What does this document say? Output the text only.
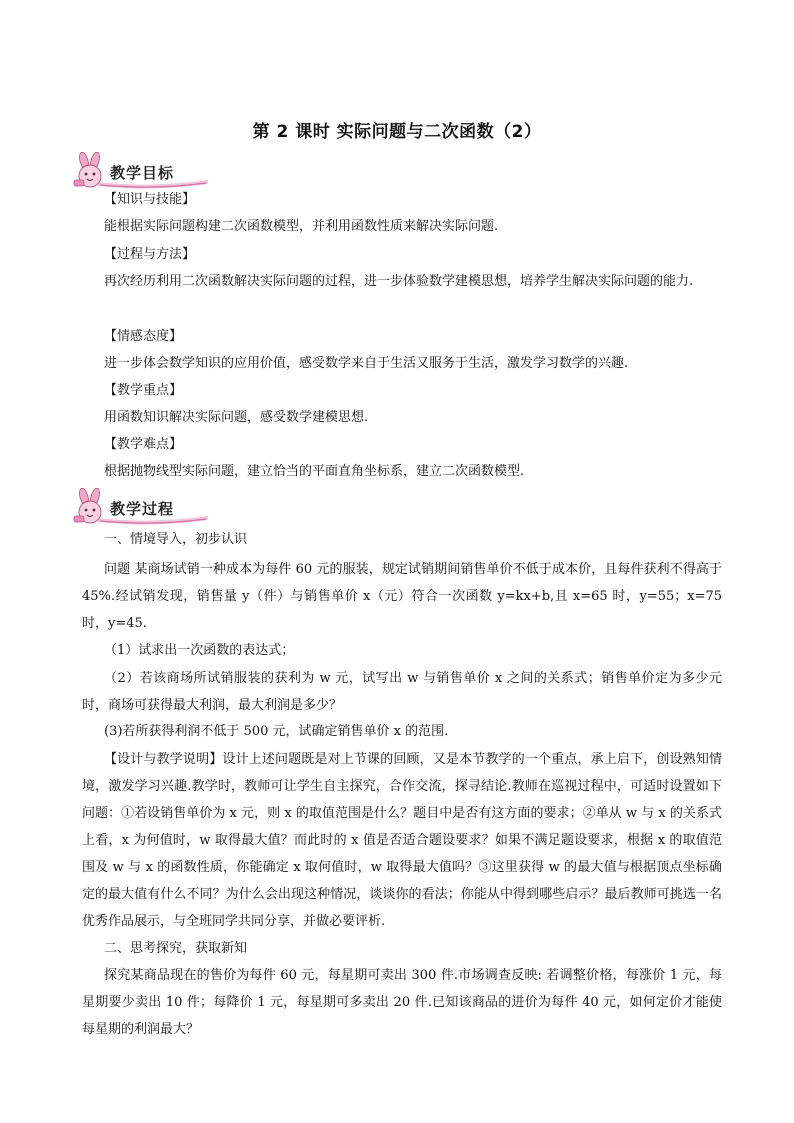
第 2 课时 实际问题与二次函数（2）
教学目标
【知识与技能】

能根据实际问题构建二次函数模型，并利用函数性质来解决实际问题.

【过程与方法】

再次经历利用二次函数解决实际问题的过程，进一步体验数学建模思想，培养学生解决实际问题的能力.

【情感态度】

进一步体会数学知识的应用价值，感受数学来自于生活又服务于生活，激发学习数学的兴趣.

【教学重点】

用函数知识解决实际问题，感受数学建模思想.

【教学难点】

根据抛物线型实际问题，建立恰当的平面直角坐标系，建立二次函数模型.

教学过程

一、情境导入，初步认识

问题 某商场试销一种成本为每件 60 元的服装，规定试销期间销售单价不低于成本价，且每件获利不得高于 45%.经试销发现，销售量 y（件）与销售单价 x（元）符合一次函数 y=kx+b,且 x=65 时，y=55；x=75 时，y=45.

（1）试求出一次函数的表达式；

（2）若该商场所试销服装的获利为 w 元，试写出 w 与销售单价 x 之间的关系式；销售单价定为多少元时，商场可获得最大利润，最大利润是多少？

(3)若所获得利润不低于 500 元，试确定销售单价 x 的范围.

【设计与教学说明】设计上述问题既是对上节课的回顾，又是本节教学的一个重点，承上启下，创设熟知情境，激发学习兴趣.教学时，教师可让学生自主探究，合作交流，探寻结论.教师在巡视过程中，可适时设置如下问题：①若设销售单价为 x 元，则 x 的取值范围是什么？题目中是否有这方面的要求；②单从 w 与 x 的关系式上看，x 为何值时，w 取得最大值？而此时的 x 值是否适合题设要求？如果不满足题设要求，根据 x 的取值范围及 w 与 x 的函数性质，你能确定 x 取何值时，w 取得最大值吗？③这里获得 w 的最大值与根据顶点坐标确定的最大值有什么不同？为什么会出现这种情况，谈谈你的看法；你能从中得到哪些启示？最后教师可挑选一名优秀作品展示，与全班同学共同分享，并做必要评析.

二、思考探究，获取新知

探究某商品现在的售价为每件 60 元，每星期可卖出 300 件.市场调查反映: 若调整价格，每涨价 1 元，每星期要少卖出 10 件；每降价 1 元，每星期可多卖出 20 件.已知该商品的进价为每件 40 元，如何定价才能使每星期的利润最大？
